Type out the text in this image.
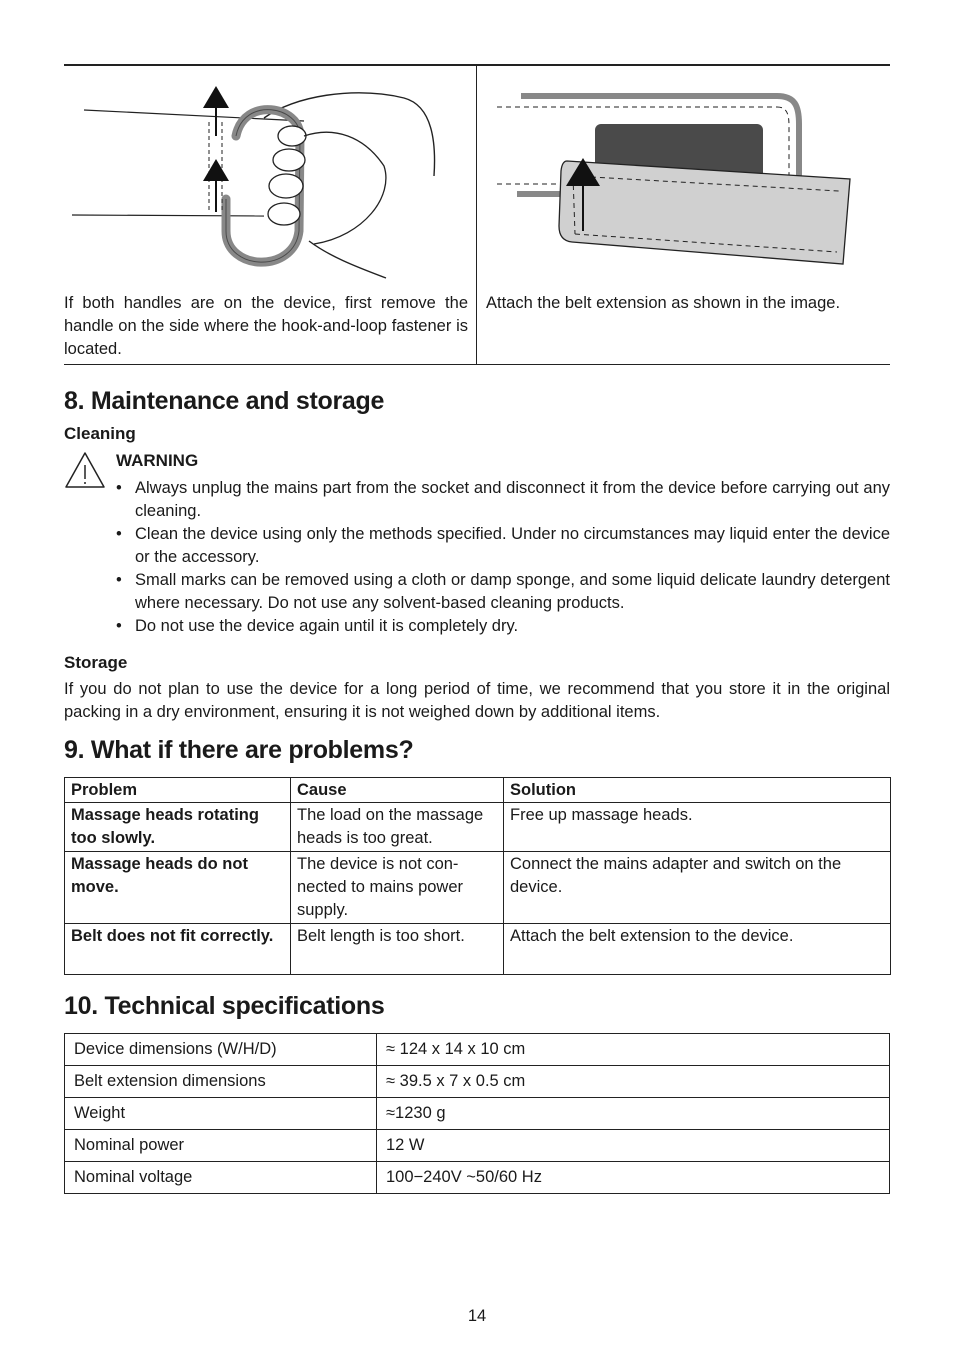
If both handles are on the device, first remove the handle on the side where the hook-and-loop fastener is located.
Attach the belt extension as shown in the image.
8. Maintenance and storage
Cleaning
WARNING
• Always unplug the mains part from the socket and disconnect it from the device before carrying out any cleaning.
• Clean the device using only the methods specified. Under no circumstances may liquid enter the device or the accessory.
• Small marks can be removed using a cloth or damp sponge, and some liquid delicate laundry detergent where necessary. Do not use any solvent-based cleaning products.
• Do not use the device again until it is completely dry.
Storage
If you do not plan to use the device for a long period of time, we recommend that you store it in the original packing in a dry environment, ensuring it is not weighed down by additional items.
9. What if there are problems?
Problem	Cause	Solution
Massage heads rotating too slowly.	The load on the massage heads is too great.	Free up massage heads.
Massage heads do not move.	The device is not con-nected to mains power supply.	Connect the mains adapter and switch on the device.
Belt does not fit correctly.	Belt length is too short.	Attach the belt extension to the device.
10. Technical specifications
Device dimensions (W/H/D)	≈ 124 x 14 x 10 cm
Belt extension dimensions	≈ 39.5 x 7 x 0.5 cm
Weight	≈1230 g
Nominal power	12 W
Nominal voltage	100−240V ~50/60 Hz
14
